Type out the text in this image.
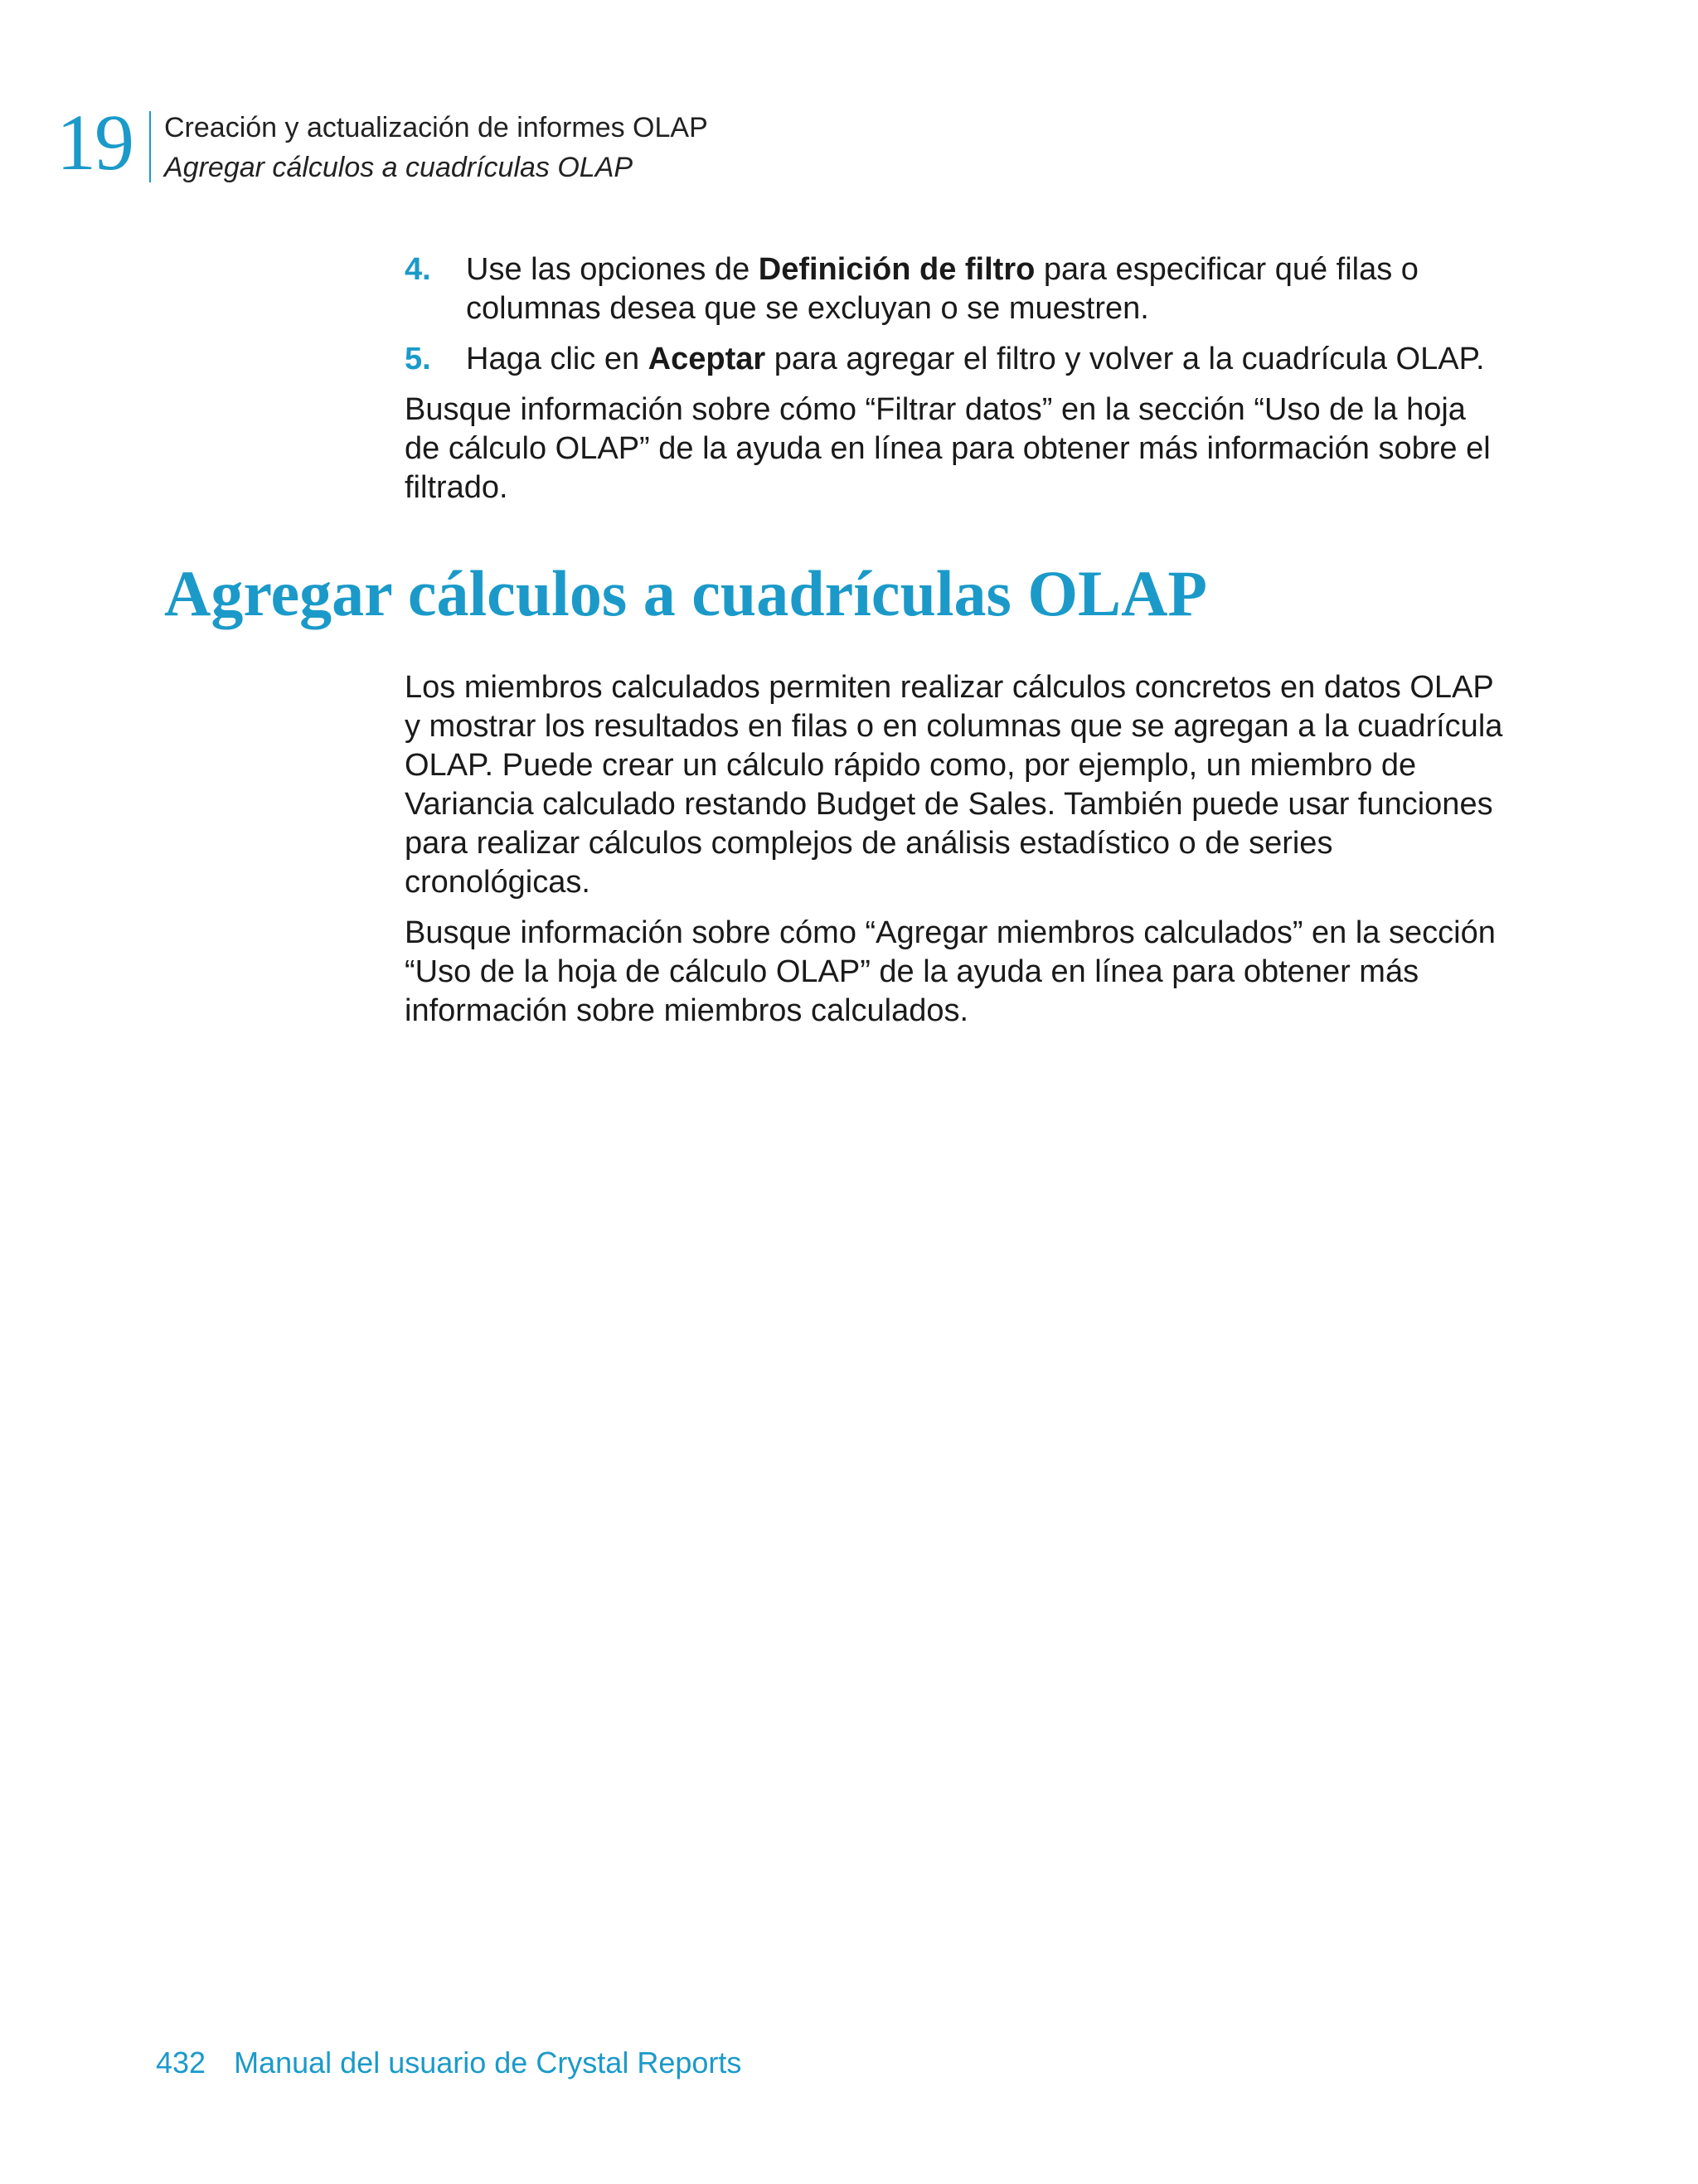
19 Creación y actualización de informes OLAP
Agregar cálculos a cuadrículas OLAP
4. Use las opciones de Definición de filtro para especificar qué filas o columnas desea que se excluyan o se muestren.
5. Haga clic en Aceptar para agregar el filtro y volver a la cuadrícula OLAP.

Busque información sobre cómo “Filtrar datos” en la sección “Uso de la hoja de cálculo OLAP” de la ayuda en línea para obtener más información sobre el filtrado.

Agregar cálculos a cuadrículas OLAP

Los miembros calculados permiten realizar cálculos concretos en datos OLAP y mostrar los resultados en filas o en columnas que se agregan a la cuadrícula OLAP. Puede crear un cálculo rápido como, por ejemplo, un miembro de Variancia calculado restando Budget de Sales. También puede usar funciones para realizar cálculos complejos de análisis estadístico o de series cronológicas.

Busque información sobre cómo “Agregar miembros calculados” en la sección “Uso de la hoja de cálculo OLAP” de la ayuda en línea para obtener más información sobre miembros calculados.

432 Manual del usuario de Crystal Reports
